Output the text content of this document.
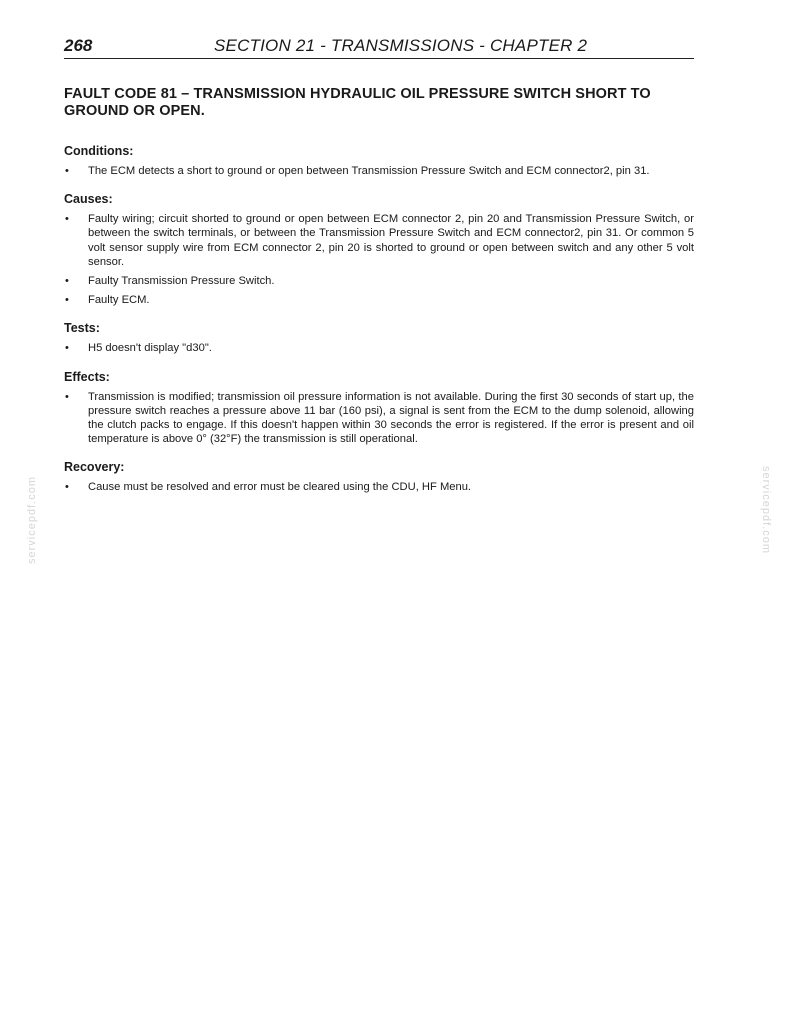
268	SECTION 21 - TRANSMISSIONS - CHAPTER 2
servicepdf.com	servicepdf.com
FAULT CODE 81 – TRANSMISSION HYDRAULIC OIL PRESSURE SWITCH SHORT TO GROUND OR OPEN.
Conditions:
• The ECM detects a short to ground or open between Transmission Pressure Switch and ECM connector2, pin 31.
Causes:
• Faulty wiring; circuit shorted to ground or open between ECM connector 2, pin 20 and Transmission Pressure Switch, or between the switch terminals, or between the Transmission Pressure Switch and ECM connector2, pin 31. Or common 5 volt sensor supply wire from ECM connector 2, pin 20 is shorted to ground or open between switch and any other 5 volt sensor.
• Faulty Transmission Pressure Switch.
• Faulty ECM.
Tests:
• H5 doesn't display "d30".
Effects:
• Transmission is modified; transmission oil pressure information is not available. During the first 30 seconds of start up, the pressure switch reaches a pressure above 11 bar (160 psi), a signal is sent from the ECM to the dump solenoid, allowing the clutch packs to engage. If this doesn't happen within 30 seconds the error is registered. If the error is present and oil temperature is above 0° (32°F) the transmission is still operational.
Recovery:
• Cause must be resolved and error must be cleared using the CDU, HF Menu.
